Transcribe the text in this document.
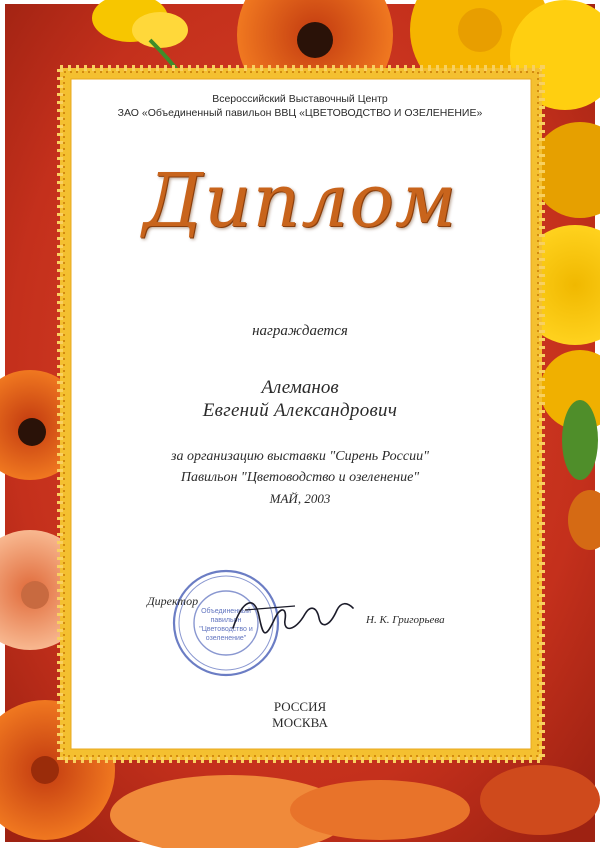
Всероссийский Выставочный Центр
ЗАО «Объединенный павильон ВВЦ «ЦВЕТОВОДСТВО И ОЗЕЛЕНЕНИЕ»
Диплом
награждается
Алеманов
Евгений Александрович
за организацию выставки "Сирень России"
Павильон "Цветоводство и озеленение"
МАЙ, 2003
Объединенный
павильон
"Цветоводство и
озеленение"
Директор
Н. К. Григорьева
РОССИЯ
МОСКВА
